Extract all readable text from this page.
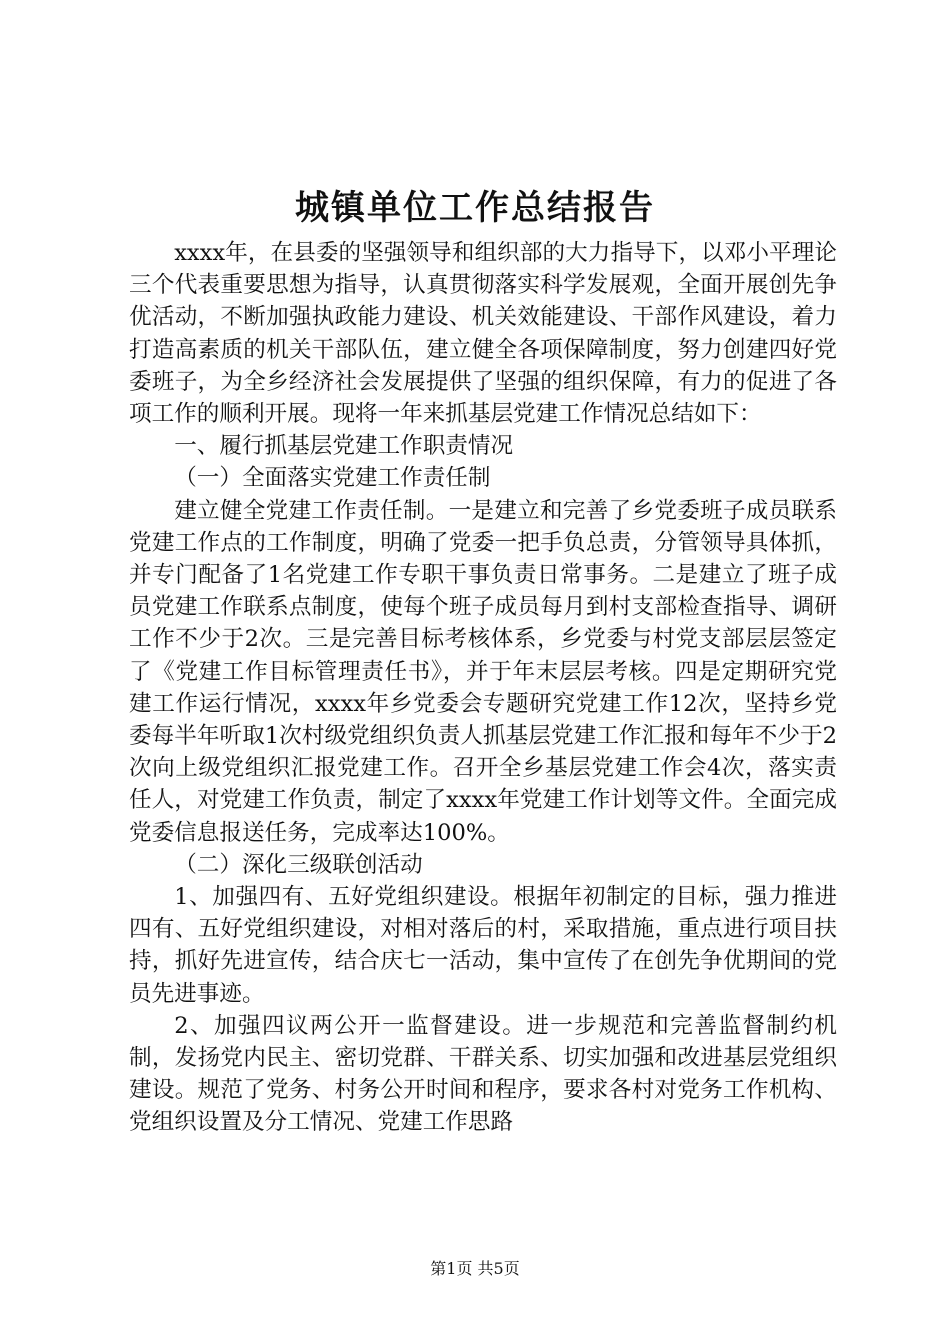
城镇单位工作总结报告

xxxx年，在县委的坚强领导和组织部的大力指导下，以邓小平理论三个代表重要思想为指导，认真贯彻落实科学发展观，全面开展创先争优活动，不断加强执政能力建设、机关效能建设、干部作风建设，着力打造高素质的机关干部队伍，建立健全各项保障制度，努力创建四好党委班子，为全乡经济社会发展提供了坚强的组织保障，有力的促进了各项工作的顺利开展。现将一年来抓基层党建工作情况总结如下：

一、履行抓基层党建工作职责情况

（一）全面落实党建工作责任制

建立健全党建工作责任制。一是建立和完善了乡党委班子成员联系党建工作点的工作制度，明确了党委一把手负总责，分管领导具体抓，并专门配备了1名党建工作专职干事负责日常事务。二是建立了班子成员党建工作联系点制度，使每个班子成员每月到村支部检查指导、调研工作不少于2次。三是完善目标考核体系，乡党委与村党支部层层签定了《党建工作目标管理责任书》，并于年末层层考核。四是定期研究党建工作运行情况，xxxx年乡党委会专题研究党建工作12次，坚持乡党委每半年听取1次村级党组织负责人抓基层党建工作汇报和每年不少于2次向上级党组织汇报党建工作。召开全乡基层党建工作会4次，落实责任人，对党建工作负责，制定了xxxx年党建工作计划等文件。全面完成党委信息报送任务，完成率达100%。

（二）深化三级联创活动

1、加强四有、五好党组织建设。根据年初制定的目标，强力推进四有、五好党组织建设，对相对落后的村，采取措施，重点进行项目扶持，抓好先进宣传，结合庆七一活动，集中宣传了在创先争优期间的党员先进事迹。

2、加强四议两公开一监督建设。进一步规范和完善监督制约机制，发扬党内民主、密切党群、干群关系、切实加强和改进基层党组织建设。规范了党务、村务公开时间和程序，要求各村对党务工作机构、党组织设置及分工情况、党建工作思路

第1页 共5页
